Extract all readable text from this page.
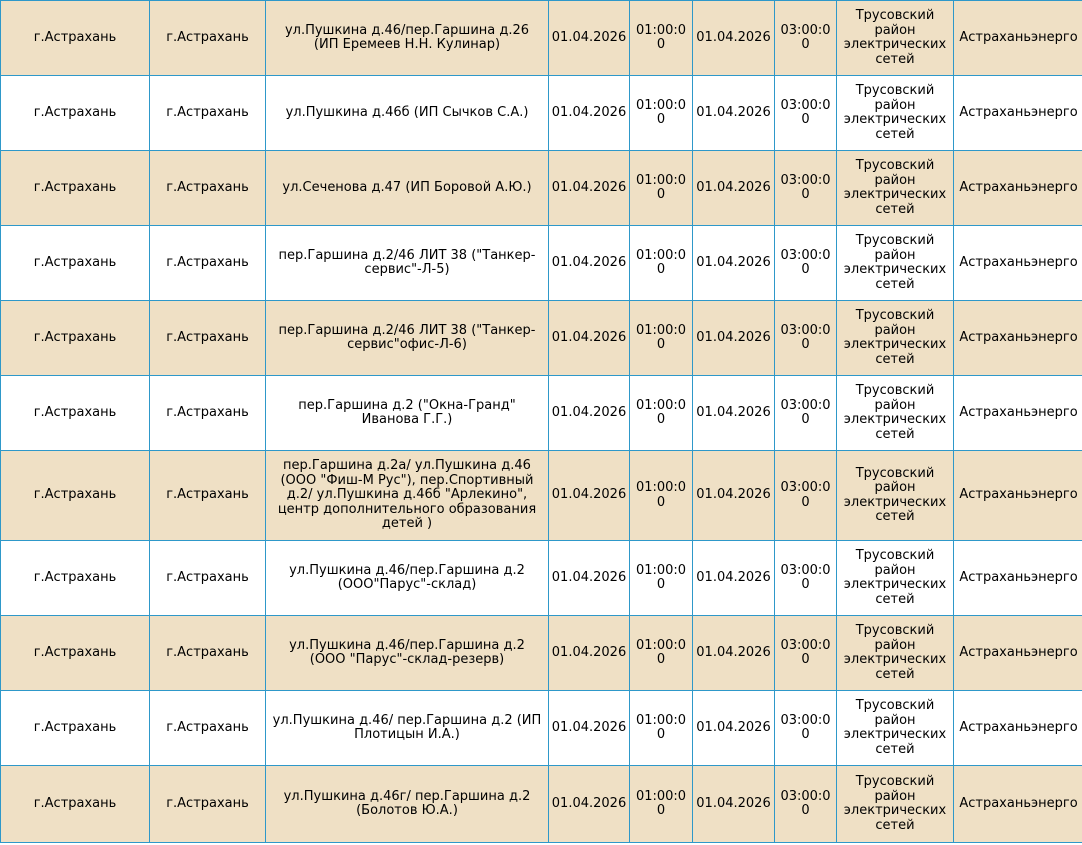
г.Астрахань	г.Астрахань	ул.Пушкина д.46/пер.Гаршина д.26 (ИП Еремеев Н.Н. Кулинар)	01.04.2026	01:00:00	01.04.2026	03:00:00	Трусовский район электрических сетей	Астраханьэнерго
г.Астрахань	г.Астрахань	ул.Пушкина д.46б (ИП Сычков С.А.)	01.04.2026	01:00:00	01.04.2026	03:00:00	Трусовский район электрических сетей	Астраханьэнерго
г.Астрахань	г.Астрахань	ул.Сеченова д.47 (ИП Боровой А.Ю.)	01.04.2026	01:00:00	01.04.2026	03:00:00	Трусовский район электрических сетей	Астраханьэнерго
г.Астрахань	г.Астрахань	пер.Гаршина д.2/46 ЛИТ 38 ("Танкер-сервис"-Л-5)	01.04.2026	01:00:00	01.04.2026	03:00:00	Трусовский район электрических сетей	Астраханьэнерго
г.Астрахань	г.Астрахань	пер.Гаршина д.2/46 ЛИТ 38 ("Танкер-сервис"офис-Л-6)	01.04.2026	01:00:00	01.04.2026	03:00:00	Трусовский район электрических сетей	Астраханьэнерго
г.Астрахань	г.Астрахань	пер.Гаршина д.2 ("Окна-Гранд" Иванова Г.Г.)	01.04.2026	01:00:00	01.04.2026	03:00:00	Трусовский район электрических сетей	Астраханьэнерго
г.Астрахань	г.Астрахань	пер.Гаршина д.2а/ ул.Пушкина д.46 (ООО "Фиш-М Рус"), пер.Спортивный д.2/ ул.Пушкина д.46б "Арлекино", центр дополнительного образования детей )	01.04.2026	01:00:00	01.04.2026	03:00:00	Трусовский район электрических сетей	Астраханьэнерго
г.Астрахань	г.Астрахань	ул.Пушкина д.46/пер.Гаршина д.2 (ООО"Парус"-склад)	01.04.2026	01:00:00	01.04.2026	03:00:00	Трусовский район электрических сетей	Астраханьэнерго
г.Астрахань	г.Астрахань	ул.Пушкина д.46/пер.Гаршина д.2 (ООО "Парус"-склад-резерв)	01.04.2026	01:00:00	01.04.2026	03:00:00	Трусовский район электрических сетей	Астраханьэнерго
г.Астрахань	г.Астрахань	ул.Пушкина д.46/ пер.Гаршина д.2 (ИП Плотицын И.А.)	01.04.2026	01:00:00	01.04.2026	03:00:00	Трусовский район электрических сетей	Астраханьэнерго
г.Астрахань	г.Астрахань	ул.Пушкина д.46г/ пер.Гаршина д.2 (Болотов Ю.А.)	01.04.2026	01:00:00	01.04.2026	03:00:00	Трусовский район электрических сетей	Астраханьэнерго
